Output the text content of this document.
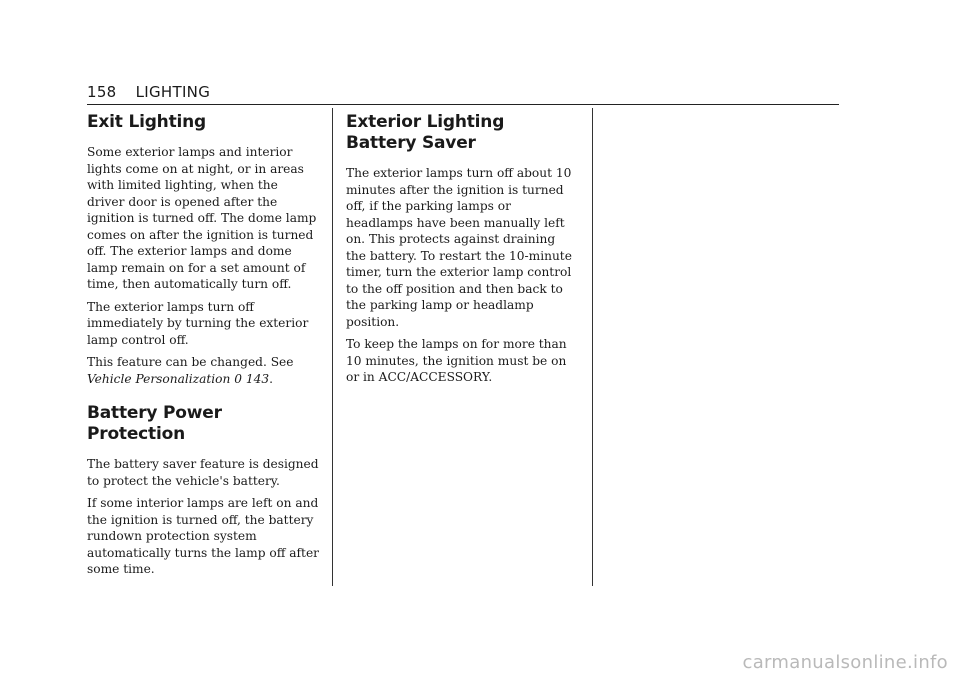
158 LIGHTING
Exit Lighting

Some exterior lamps and interior lights come on at night, or in areas with limited lighting, when the driver door is opened after the ignition is turned off. The dome lamp comes on after the ignition is turned off. The exterior lamps and dome lamp remain on for a set amount of time, then automatically turn off.

The exterior lamps turn off immediately by turning the exterior lamp control off.

This feature can be changed. See Vehicle Personalization 0 143.

Battery Power Protection

The battery saver feature is designed to protect the vehicle's battery.

If some interior lamps are left on and the ignition is turned off, the battery rundown protection system automatically turns the lamp off after some time.

Exterior Lighting Battery Saver

The exterior lamps turn off about 10 minutes after the ignition is turned off, if the parking lamps or headlamps have been manually left on. This protects against draining the battery. To restart the 10-minute timer, turn the exterior lamp control to the off position and then back to the parking lamp or headlamp position.

To keep the lamps on for more than 10 minutes, the ignition must be on or in ACC/ACCESSORY.

carmanualsonline.info
